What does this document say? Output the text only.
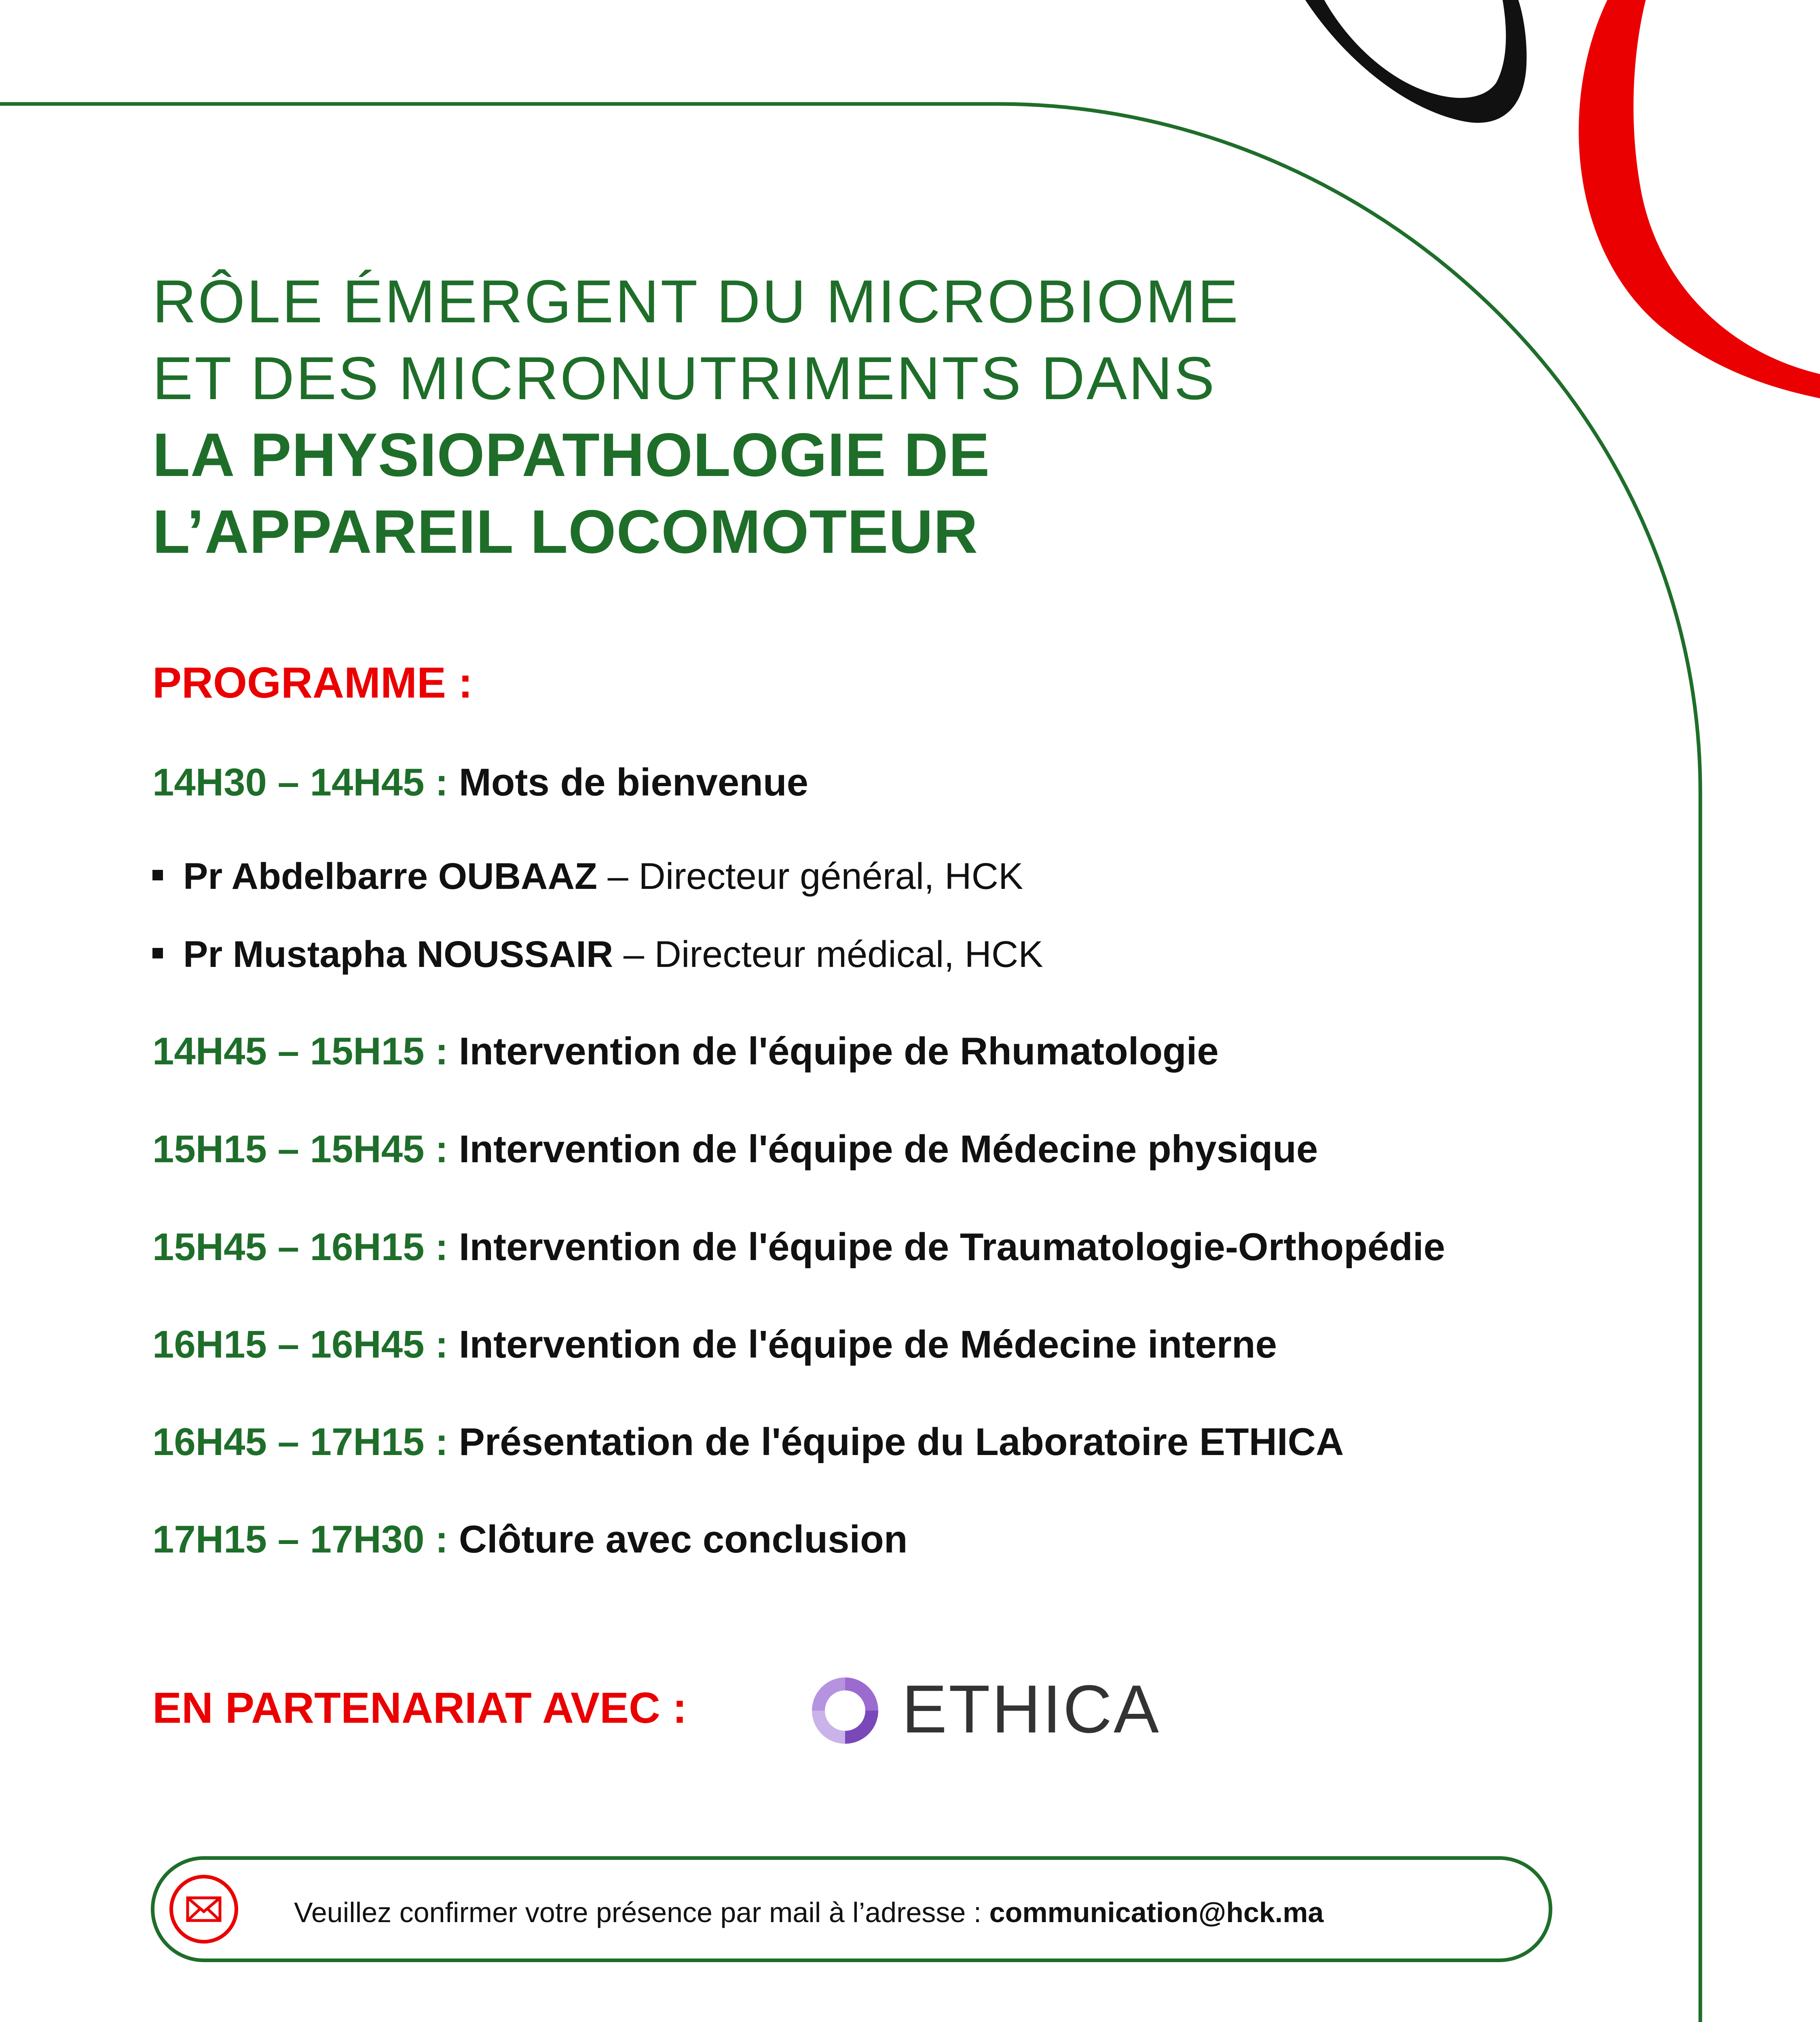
RÔLE ÉMERGENT DU MICROBIOME
ET DES MICRONUTRIMENTS DANS
LA PHYSIOPATHOLOGIE DE
L’APPAREIL LOCOMOTEUR
PROGRAMME :
14H30 – 14H45 : Mots de bienvenue
Pr Abdelbarre OUBAAZ – Directeur général, HCK
Pr Mustapha NOUSSAIR – Directeur médical, HCK
14H45 – 15H15 : Intervention de l'équipe de Rhumatologie
15H15 – 15H45 : Intervention de l'équipe de Médecine physique
15H45 – 16H15 : Intervention de l'équipe de Traumatologie-Orthopédie
16H15 – 16H45 : Intervention de l'équipe de Médecine interne
16H45 – 17H15 : Présentation de l'équipe du Laboratoire ETHICA
17H15 – 17H30 : Clôture avec conclusion
EN PARTENARIAT AVEC :	ETHICA
Veuillez confirmer votre présence par mail à l’adresse : communication@hck.ma
